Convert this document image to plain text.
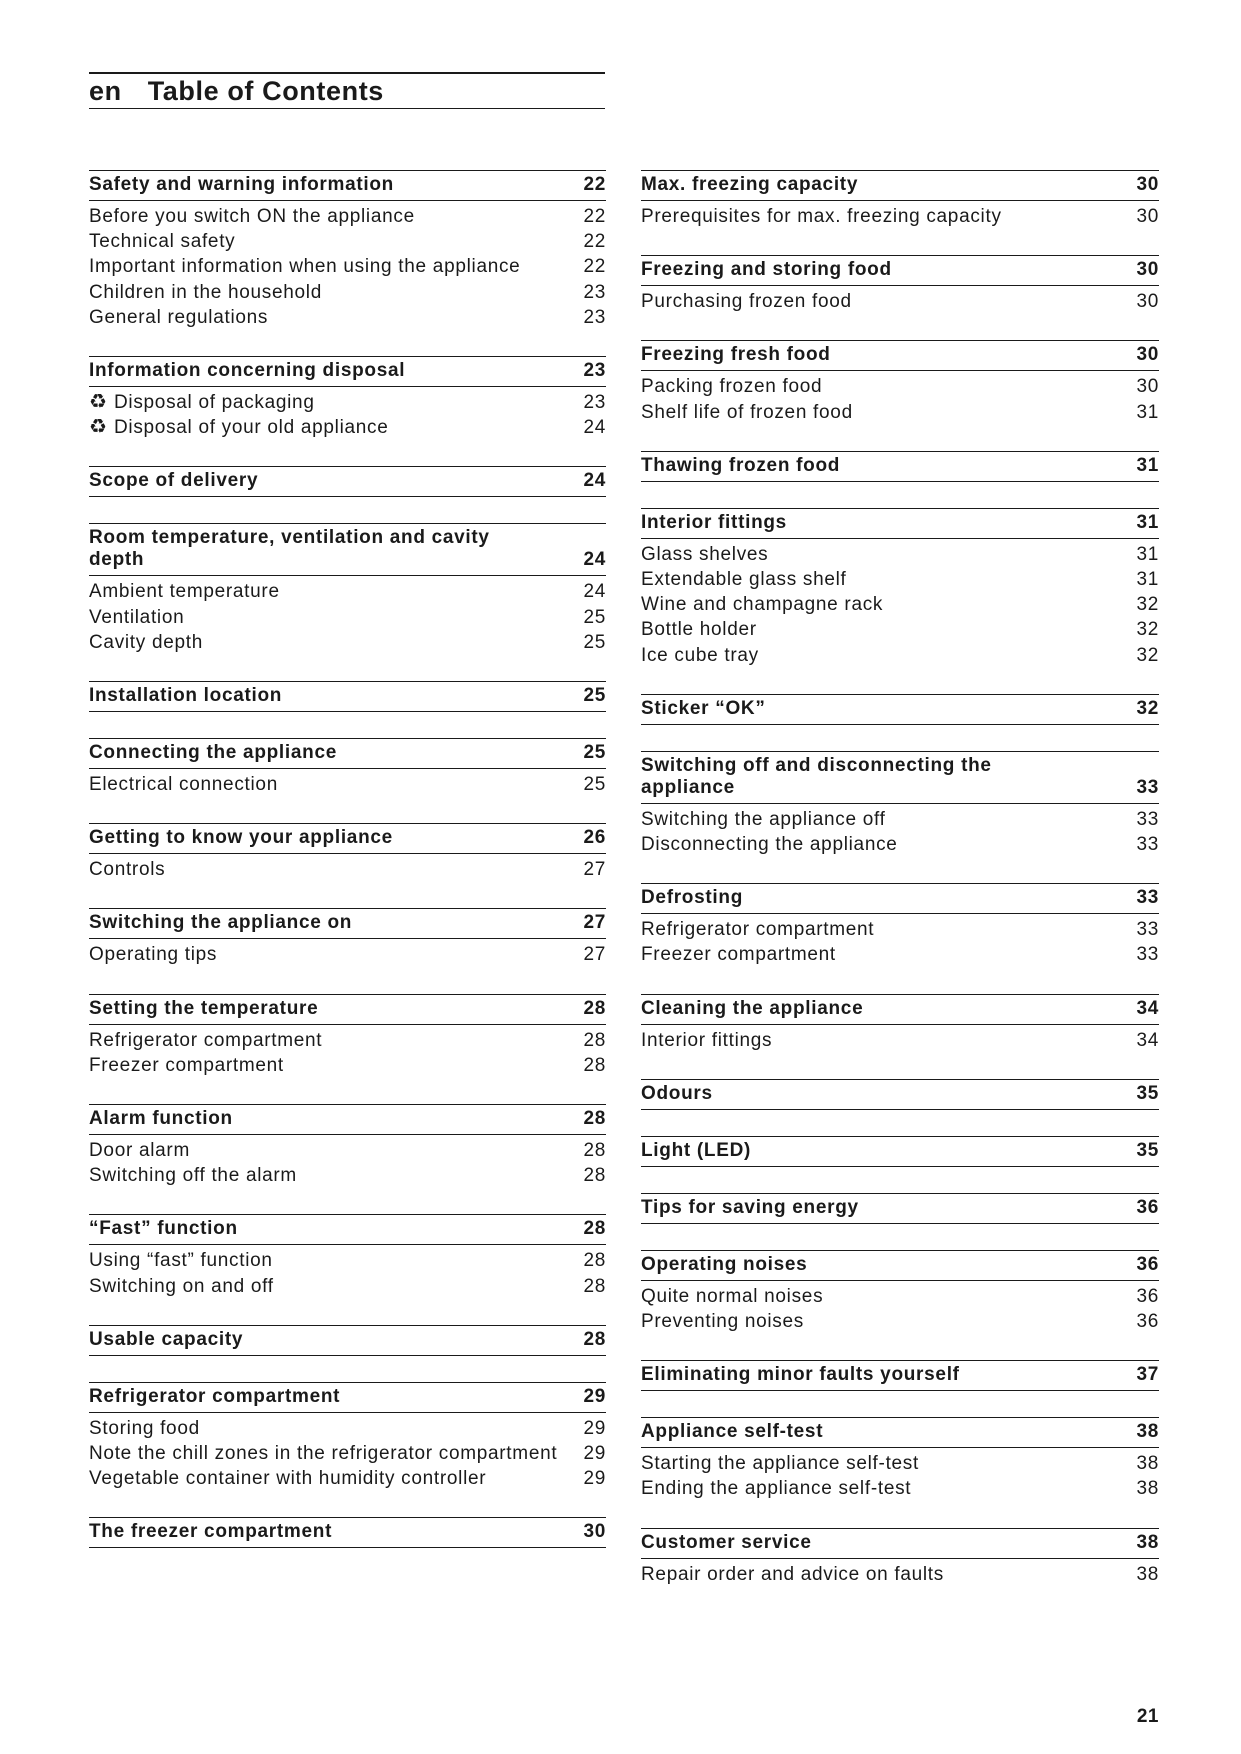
en Table of Contents
Safety and warning information	22
Before you switch ON the appliance	22
Technical safety	22
Important information when using the appliance	22
Children in the household	23
General regulations	23
Information concerning disposal	23
♻ Disposal of packaging	23
♻ Disposal of your old appliance	24
Scope of delivery	24
Room temperature, ventilation and cavity depth	24
Ambient temperature	24
Ventilation	25
Cavity depth	25
Installation location	25
Connecting the appliance	25
Electrical connection	25
Getting to know your appliance	26
Controls	27
Switching the appliance on	27
Operating tips	27
Setting the temperature	28
Refrigerator compartment	28
Freezer compartment	28
Alarm function	28
Door alarm	28
Switching off the alarm	28
“Fast” function	28
Using “fast” function	28
Switching on and off	28
Usable capacity	28
Refrigerator compartment	29
Storing food	29
Note the chill zones in the refrigerator compartment 29
Vegetable container with humidity controller	29
The freezer compartment	30
Max. freezing capacity	30
Prerequisites for max. freezing capacity	30
Freezing and storing food	30
Purchasing frozen food	30
Freezing fresh food	30
Packing frozen food	30
Shelf life of frozen food	31
Thawing frozen food	31
Interior fittings	31
Glass shelves	31
Extendable glass shelf	31
Wine and champagne rack	32
Bottle holder	32
Ice cube tray	32
Sticker “OK”	32
Switching off and disconnecting the appliance	33
Switching the appliance off	33
Disconnecting the appliance	33
Defrosting	33
Refrigerator compartment	33
Freezer compartment	33
Cleaning the appliance	34
Interior fittings	34
Odours	35
Light (LED)	35
Tips for saving energy	36
Operating noises	36
Quite normal noises	36
Preventing noises	36
Eliminating minor faults yourself	37
Appliance self-test	38
Starting the appliance self-test	38
Ending the appliance self-test	38
Customer service	38
Repair order and advice on faults	38
21
